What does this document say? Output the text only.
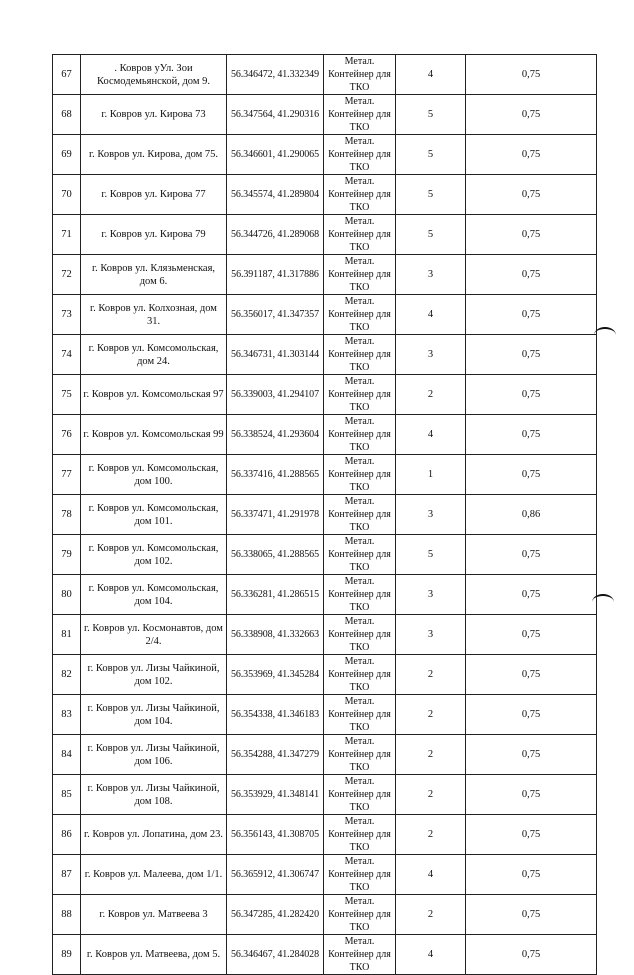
67	. Ковров уУл. Зои Космодемьянской, дом 9.	56.346472, 41.332349	Метал.
Контейнер для
ТКО	4	0,75
68	г. Ковров ул. Кирова 73	56.347564, 41.290316	Метал.
Контейнер для
ТКО	5	0,75
69	г. Ковров ул. Кирова, дом 75.	56.346601, 41.290065	Метал.
Контейнер для
ТКО	5	0,75
70	г. Ковров ул. Кирова 77	56.345574, 41.289804	Метал.
Контейнер для
ТКО	5	0,75
71	г. Ковров ул. Кирова 79	56.344726, 41.289068	Метал.
Контейнер для
ТКО	5	0,75
72	г. Ковров ул. Клязьменская, дом 6.	56.391187, 41.317886	Метал.
Контейнер для
ТКО	3	0,75
73	г. Ковров ул. Колхозная, дом 31.	56.356017, 41.347357	Метал.
Контейнер для
ТКО	4	0,75
74	г. Ковров ул. Комсомольская, дом 24.	56.346731, 41.303144	Метал.
Контейнер для
ТКО	3	0,75
75	г. Ковров ул. Комсомольская 97	56.339003, 41.294107	Метал.
Контейнер для
ТКО	2	0,75
76	г. Ковров ул. Комсомольская 99	56.338524, 41.293604	Метал.
Контейнер для
ТКО	4	0,75
77	г. Ковров ул. Комсомольская, дом 100.	56.337416, 41.288565	Метал.
Контейнер для
ТКО	1	0,75
78	г. Ковров ул. Комсомольская, дом 101.	56.337471, 41.291978	Метал.
Контейнер для
ТКО	3	0,86
79	г. Ковров ул. Комсомольская, дом 102.	56.338065, 41.288565	Метал.
Контейнер для
ТКО	5	0,75
80	г. Ковров ул. Комсомольская, дом 104.	56.336281, 41.286515	Метал.
Контейнер для
ТКО	3	0,75
81	г. Ковров ул. Космонавтов, дом 2/4.	56.338908, 41.332663	Метал.
Контейнер для
ТКО	3	0,75
82	г. Ковров ул. Лизы Чайкиной, дом 102.	56.353969, 41.345284	Метал.
Контейнер для
ТКО	2	0,75
83	г. Ковров ул. Лизы Чайкиной, дом 104.	56.354338, 41.346183	Метал.
Контейнер для
ТКО	2	0,75
84	г. Ковров ул. Лизы Чайкиной, дом 106.	56.354288, 41.347279	Метал.
Контейнер для
ТКО	2	0,75
85	г. Ковров ул. Лизы Чайкиной, дом 108.	56.353929, 41.348141	Метал.
Контейнер для
ТКО	2	0,75
86	г. Ковров ул. Лопатина, дом 23.	56.356143, 41.308705	Метал.
Контейнер для
ТКО	2	0,75
87	г. Ковров ул. Малеева, дом 1/1.	56.365912, 41.306747	Метал.
Контейнер для
ТКО	4	0,75
88	г. Ковров ул. Матвеева 3	56.347285, 41.282420	Метал.
Контейнер для
ТКО	2	0,75
89	г. Ковров ул. Матвеева, дом 5.	56.346467, 41.284028	Метал.
Контейнер для
ТКО	4	0,75
